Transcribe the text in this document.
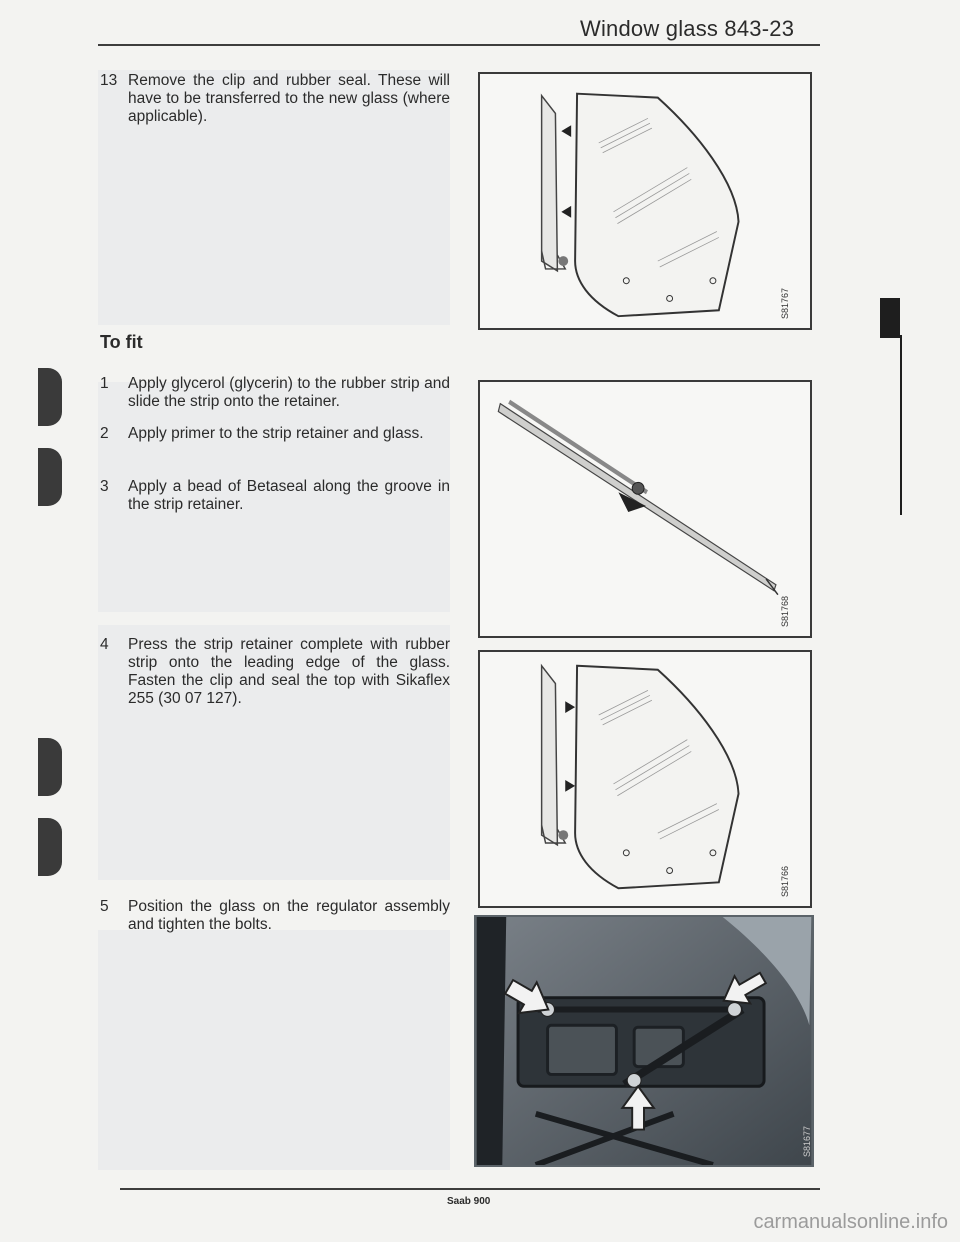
Window glass 843-23
13 Remove the clip and rubber seal. These will have to be transferred to the new glass (where applicable).
To fit
1	Apply glycerol (glycerin) to the rubber strip and slide the strip onto the retainer.
2	Apply primer to the strip retainer and glass.
3	Apply a bead of Betaseal along the groove in the strip retainer.
4	Press the strip retainer complete with rubber strip onto the leading edge of the glass. Fasten the clip and seal the top with Sikaflex 255 (30 07 127).
5	Position the glass on the regulator assembly and tighten the bolts.
S81767
S81768
S81766
S81677
Saab 900
carmanualsonline.info
